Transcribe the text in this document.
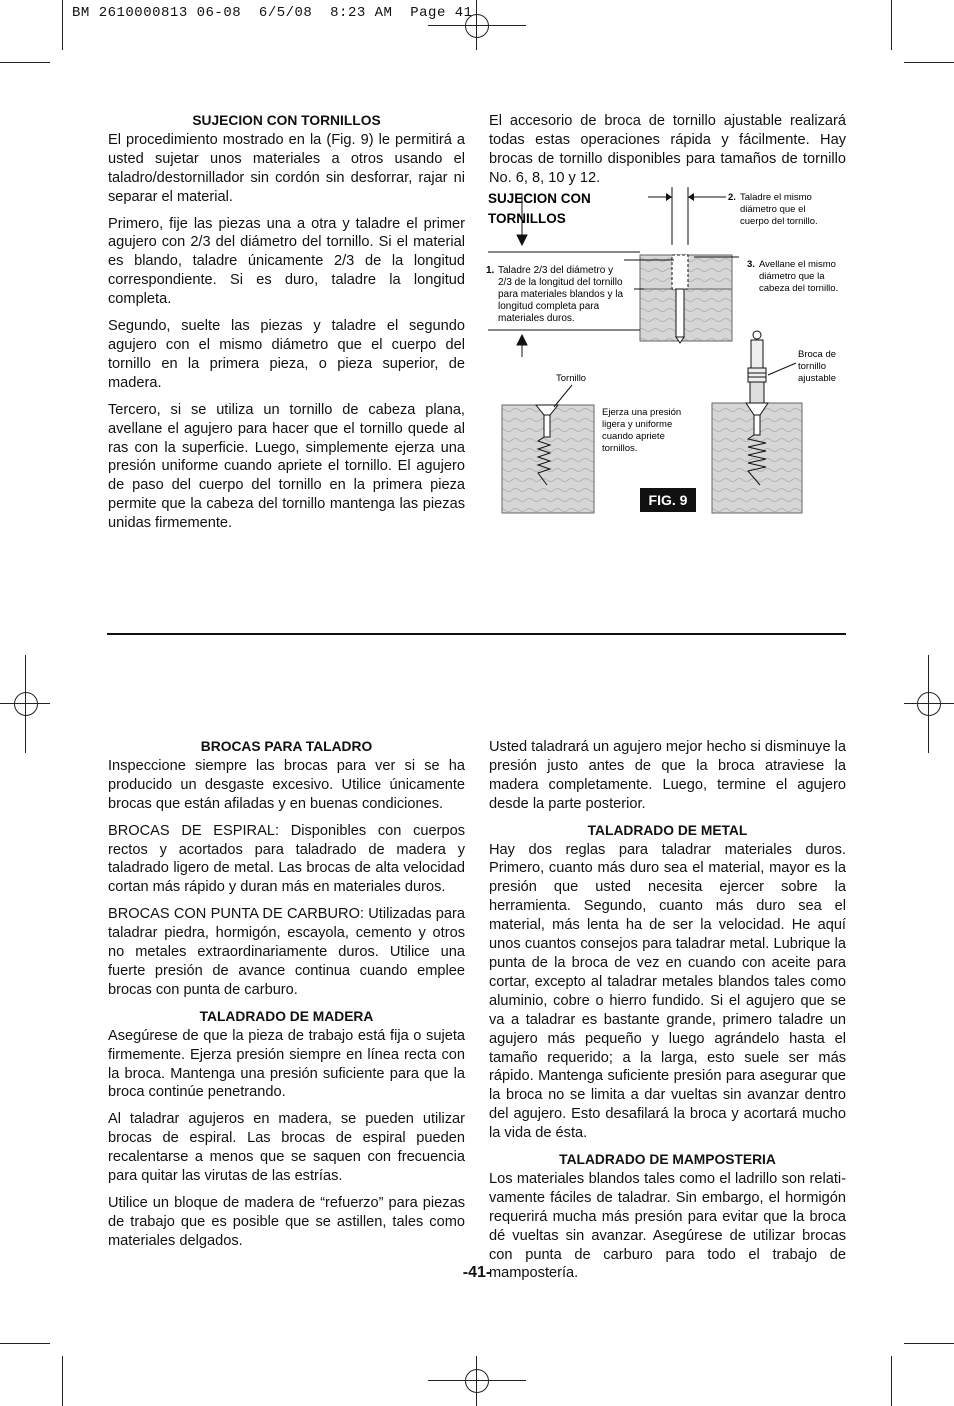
BM 2610000813 06-08  6/5/08  8:23 AM  Page 41
SUJECION CON TORNILLOS

El procedimiento mostrado en la (Fig. 9) le permitirá a usted sujetar unos materiales a otros usando el taladro/destornillador sin cordón sin desforrar, rajar ni separar el material.

Primero, fije las piezas una a otra y taladre el primer agujero con 2/3 del diámetro del tornillo. Si el material es blando, taladre únicamente 2/3 de la longitud correspondiente. Si es duro, taladre la longitud completa.

Segundo, suelte las piezas y taladre el segundo agujero con el mismo diámetro que el cuerpo del tornillo en la primera pieza, o pieza superior, de madera.

Tercero, si se utiliza un tornillo de cabeza plana, avellane el agujero para hacer que el tornillo quede al ras con la superficie. Luego, simplemente ejerza una presión uniforme cuando apriete el tornillo. El agujero de paso del cuerpo del tornillo en la primera pieza permite que la cabeza del tornillo mantenga las piezas unidas firmemente.

El accesorio de broca de tornillo ajustable realizará todas estas operaciones rápida y fácilmente. Hay brocas de tornillo disponibles para tamaños de tornillo No. 6, 8, 10 y 12.

SUJECION CON
TORNILLOS
1. Taladre 2/3 del diámetro y
2/3 de la longitud del tornillo
para materiales blandos y la
longitud completa para
materiales duros.
2. Taladre el mismo
diámetro que el
cuerpo del tornillo.
3. Avellane el mismo
diámetro que la
cabeza del tornillo.
Broca de
tornillo
ajustable
Tornillo
Ejerza una presión
ligera y uniforme
cuando apriete
tornillos.
FIG. 9
BROCAS PARA TALADRO

Inspeccione siempre las brocas para ver si se ha producido un desgaste excesivo. Utilice únicamente brocas que están afiladas y en buenas condiciones.

BROCAS DE ESPIRAL: Disponibles con cuerpos rectos y acortados para taladrado de madera y taladrado ligero de metal. Las brocas de alta velocidad cortan más rápido y duran más en materiales duros.

BROCAS CON PUNTA DE CARBURO: Utilizadas para taladrar piedra, hormigón, escayola, cemento y otros no metales extraordinariamente duros. Utilice una fuerte presión de avance continua cuando emplee brocas con punta de carburo.

TALADRADO DE MADERA

Asegúrese de que la pieza de trabajo está fija o sujeta firmemente. Ejerza presión siempre en línea recta con la broca. Mantenga una presión suficiente para que la broca continúe penetrando.

Al taladrar agujeros en madera, se pueden utilizar brocas de espiral. Las brocas de espiral pueden recalentarse a menos que se saquen con frecuencia para quitar las virutas de las estrías.

Utilice un bloque de madera de “refuerzo” para piezas de trabajo que es posible que se astillen, tales como materiales delgados.

Usted taladrará un agujero mejor hecho si disminuye la presión justo antes de que la broca atraviese la madera completamente. Luego, termine el agujero desde la parte posterior.

TALADRADO DE METAL

Hay dos reglas para taladrar materiales duros. Primero, cuanto más duro sea el material, mayor es la presión que usted necesita ejercer sobre la herramienta. Segundo, cuanto más duro sea el material, más lenta ha de ser la velocidad. He aquí unos cuantos consejos para taladrar metal. Lubrique la punta de la broca de vez en cuando con aceite para cortar, excepto al taladrar metales blandos tales como aluminio, cobre o hierro fundido. Si el agujero que se va a taladrar es bastante grande, primero taladre un agujero más pequeño y luego agrándelo hasta el tamaño requerido; a la larga, esto suele ser más rápido. Mantenga suficiente presión para asegurar que la broca no se limita a dar vueltas sin avanzar dentro del agujero. Esto desafilará la broca y acortará mucho la vida de ésta.

TALADRADO DE MAMPOSTERIA

Los materiales blandos tales como el ladrillo son relati-vamente fáciles de taladrar. Sin embargo, el hormigón requerirá mucha más presión para evitar que la broca dé vueltas sin avanzar. Asegúrese de utilizar brocas con punta de carburo para todo el trabajo de mampostería.

-41-
